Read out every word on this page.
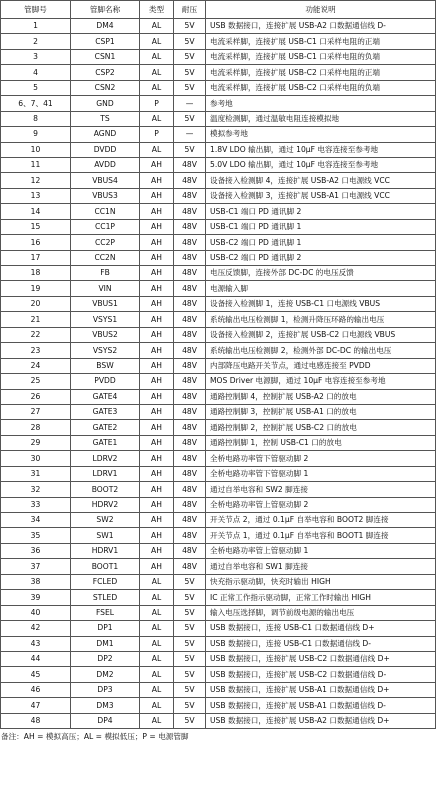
管脚号	管脚名称	类型	耐压	功能说明
1	DM4	AL	5V	USB 数据接口，连接扩展 USB-A2 口数据通信线 D-
2	CSP1	AL	5V	电流采样脚，连接扩展 USB-C1 口采样电阻的正端
3	CSN1	AL	5V	电流采样脚，连接扩展 USB-C1 口采样电阻的负端
4	CSP2	AL	5V	电流采样脚，连接扩展 USB-C2 口采样电阻的正端
5	CSN2	AL	5V	电流采样脚，连接扩展 USB-C2 口采样电阻的负端
6、7、41	GND	P	—	参考地
8	TS	AL	5V	温度检测脚，通过温敏电阻连接模拟地
9	AGND	P	—	模拟参考地
10	DVDD	AL	5V	1.8V LDO 输出脚，通过 10μF 电容连接至参考地
11	AVDD	AH	48V	5.0V LDO 输出脚，通过 10μF 电容连接至参考地
12	VBUS4	AH	48V	设备接入检测脚 4，连接扩展 USB-A2 口电源线 VCC
13	VBUS3	AH	48V	设备接入检测脚 3，连接扩展 USB-A1 口电源线 VCC
14	CC1N	AH	48V	USB-C1 端口 PD 通讯脚 2
15	CC1P	AH	48V	USB-C1 端口 PD 通讯脚 1
16	CC2P	AH	48V	USB-C2 端口 PD 通讯脚 1
17	CC2N	AH	48V	USB-C2 端口 PD 通讯脚 2
18	FB	AH	48V	电压反馈脚，连接外部 DC-DC 的电压反馈
19	VIN	AH	48V	电源输入脚
20	VBUS1	AH	48V	设备接入检测脚 1，连接 USB-C1 口电源线 VBUS
21	VSYS1	AH	48V	系统输出电压检测脚 1，检测升降压环路的输出电压
22	VBUS2	AH	48V	设备接入检测脚 2，连接扩展 USB-C2 口电源线 VBUS
23	VSYS2	AH	48V	系统输出电压检测脚 2，检测外部 DC-DC 的输出电压
24	BSW	AH	48V	内部降压电路开关节点，通过电感连接至 PVDD
25	PVDD	AH	48V	MOS Driver 电源脚，通过 10μF 电容连接至参考地
26	GATE4	AH	48V	通路控制脚 4，控制扩展 USB-A2 口的放电
27	GATE3	AH	48V	通路控制脚 3，控制扩展 USB-A1 口的放电
28	GATE2	AH	48V	通路控制脚 2，控制扩展 USB-C2 口的放电
29	GATE1	AH	48V	通路控制脚 1，控制 USB-C1 口的放电
30	LDRV2	AH	48V	全桥电路功率管下管驱动脚 2
31	LDRV1	AH	48V	全桥电路功率管下管驱动脚 1
32	BOOT2	AH	48V	通过自举电容和 SW2 脚连接
33	HDRV2	AH	48V	全桥电路功率管上管驱动脚 2
34	SW2	AH	48V	开关节点 2，通过 0.1μF 自举电容和 BOOT2 脚连接
35	SW1	AH	48V	开关节点 1，通过 0.1μF 自举电容和 BOOT1 脚连接
36	HDRV1	AH	48V	全桥电路功率管上管驱动脚 1
37	BOOT1	AH	48V	通过自举电容和 SW1 脚连接
38	FCLED	AL	5V	快充指示驱动脚，快充时输出 HIGH
39	STLED	AL	5V	IC 正常工作指示驱动脚，正常工作时输出 HIGH
40	FSEL	AL	5V	输入电压选择脚，调节前级电源的输出电压
42	DP1	AL	5V	USB 数据接口，连接 USB-C1 口数据通信线 D+
43	DM1	AL	5V	USB 数据接口，连接 USB-C1 口数据通信线 D-
44	DP2	AL	5V	USB 数据接口，连接扩展 USB-C2 口数据通信线 D+
45	DM2	AL	5V	USB 数据接口，连接扩展 USB-C2 口数据通信线 D-
46	DP3	AL	5V	USB 数据接口，连接扩展 USB-A1 口数据通信线 D+
47	DM3	AL	5V	USB 数据接口，连接扩展 USB-A1 口数据通信线 D-
48	DP4	AL	5V	USB 数据接口，连接扩展 USB-A2 口数据通信线 D+
备注：AH = 模拟高压；AL = 模拟低压；P = 电源管脚
